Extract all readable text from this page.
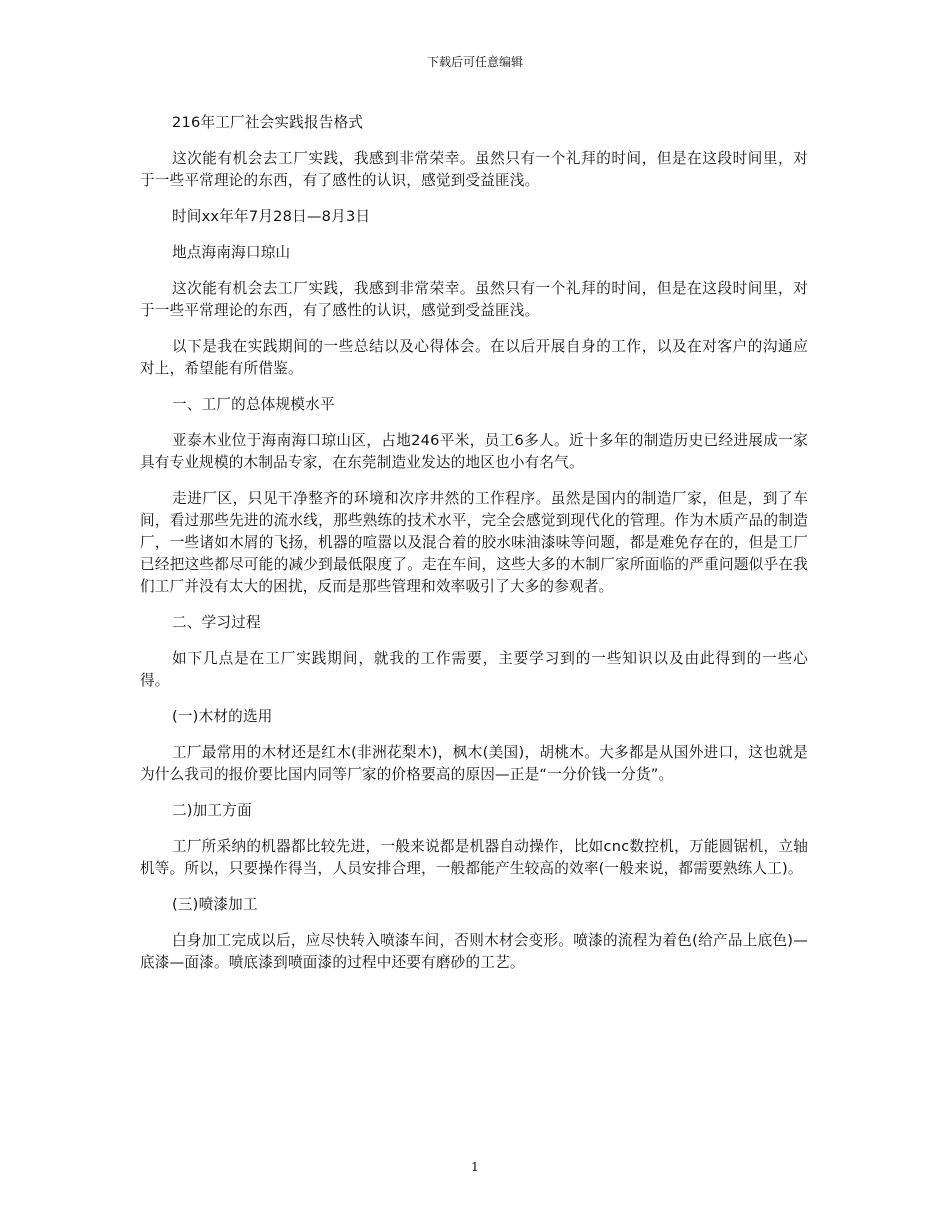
下载后可任意编辑

216年工厂社会实践报告格式

这次能有机会去工厂实践，我感到非常荣幸。虽然只有一个礼拜的时间，但是在这段时间里，对于一些平常理论的东西，有了感性的认识，感觉到受益匪浅。

时间xx年年7月28日—8月3日

地点海南海口琼山

这次能有机会去工厂实践，我感到非常荣幸。虽然只有一个礼拜的时间，但是在这段时间里，对于一些平常理论的东西，有了感性的认识，感觉到受益匪浅。

以下是我在实践期间的一些总结以及心得体会。在以后开展自身的工作，以及在对客户的沟通应对上，希望能有所借鉴。

一、工厂的总体规模水平

亚泰木业位于海南海口琼山区，占地246平米，员工6多人。近十多年的制造历史已经进展成一家具有专业规模的木制品专家，在东莞制造业发达的地区也小有名气。

走进厂区，只见干净整齐的环境和次序井然的工作程序。虽然是国内的制造厂家，但是，到了车间，看过那些先进的流水线，那些熟练的技术水平，完全会感觉到现代化的管理。作为木质产品的制造厂，一些诸如木屑的飞扬，机器的喧嚣以及混合着的胶水味油漆味等问题，都是难免存在的，但是工厂已经把这些都尽可能的减少到最低限度了。走在车间，这些大多的木制厂家所面临的严重问题似乎在我们工厂并没有太大的困扰，反而是那些管理和效率吸引了大多的参观者。

二、学习过程

如下几点是在工厂实践期间，就我的工作需要，主要学习到的一些知识以及由此得到的一些心得。

(一)木材的选用

工厂最常用的木材还是红木(非洲花梨木)，枫木(美国)，胡桃木。大多都是从国外进口，这也就是为什么我司的报价要比国内同等厂家的价格要高的原因—正是“一分价钱一分货”。

二)加工方面

工厂所采纳的机器都比较先进，一般来说都是机器自动操作，比如cnc数控机，万能圆锯机，立轴机等。所以，只要操作得当，人员安排合理，一般都能产生较高的效率(一般来说，都需要熟练人工)。

(三)喷漆加工

白身加工完成以后，应尽快转入喷漆车间，否则木材会变形。喷漆的流程为着色(给产品上底色)—底漆—面漆。喷底漆到喷面漆的过程中还要有磨砂的工艺。

1
